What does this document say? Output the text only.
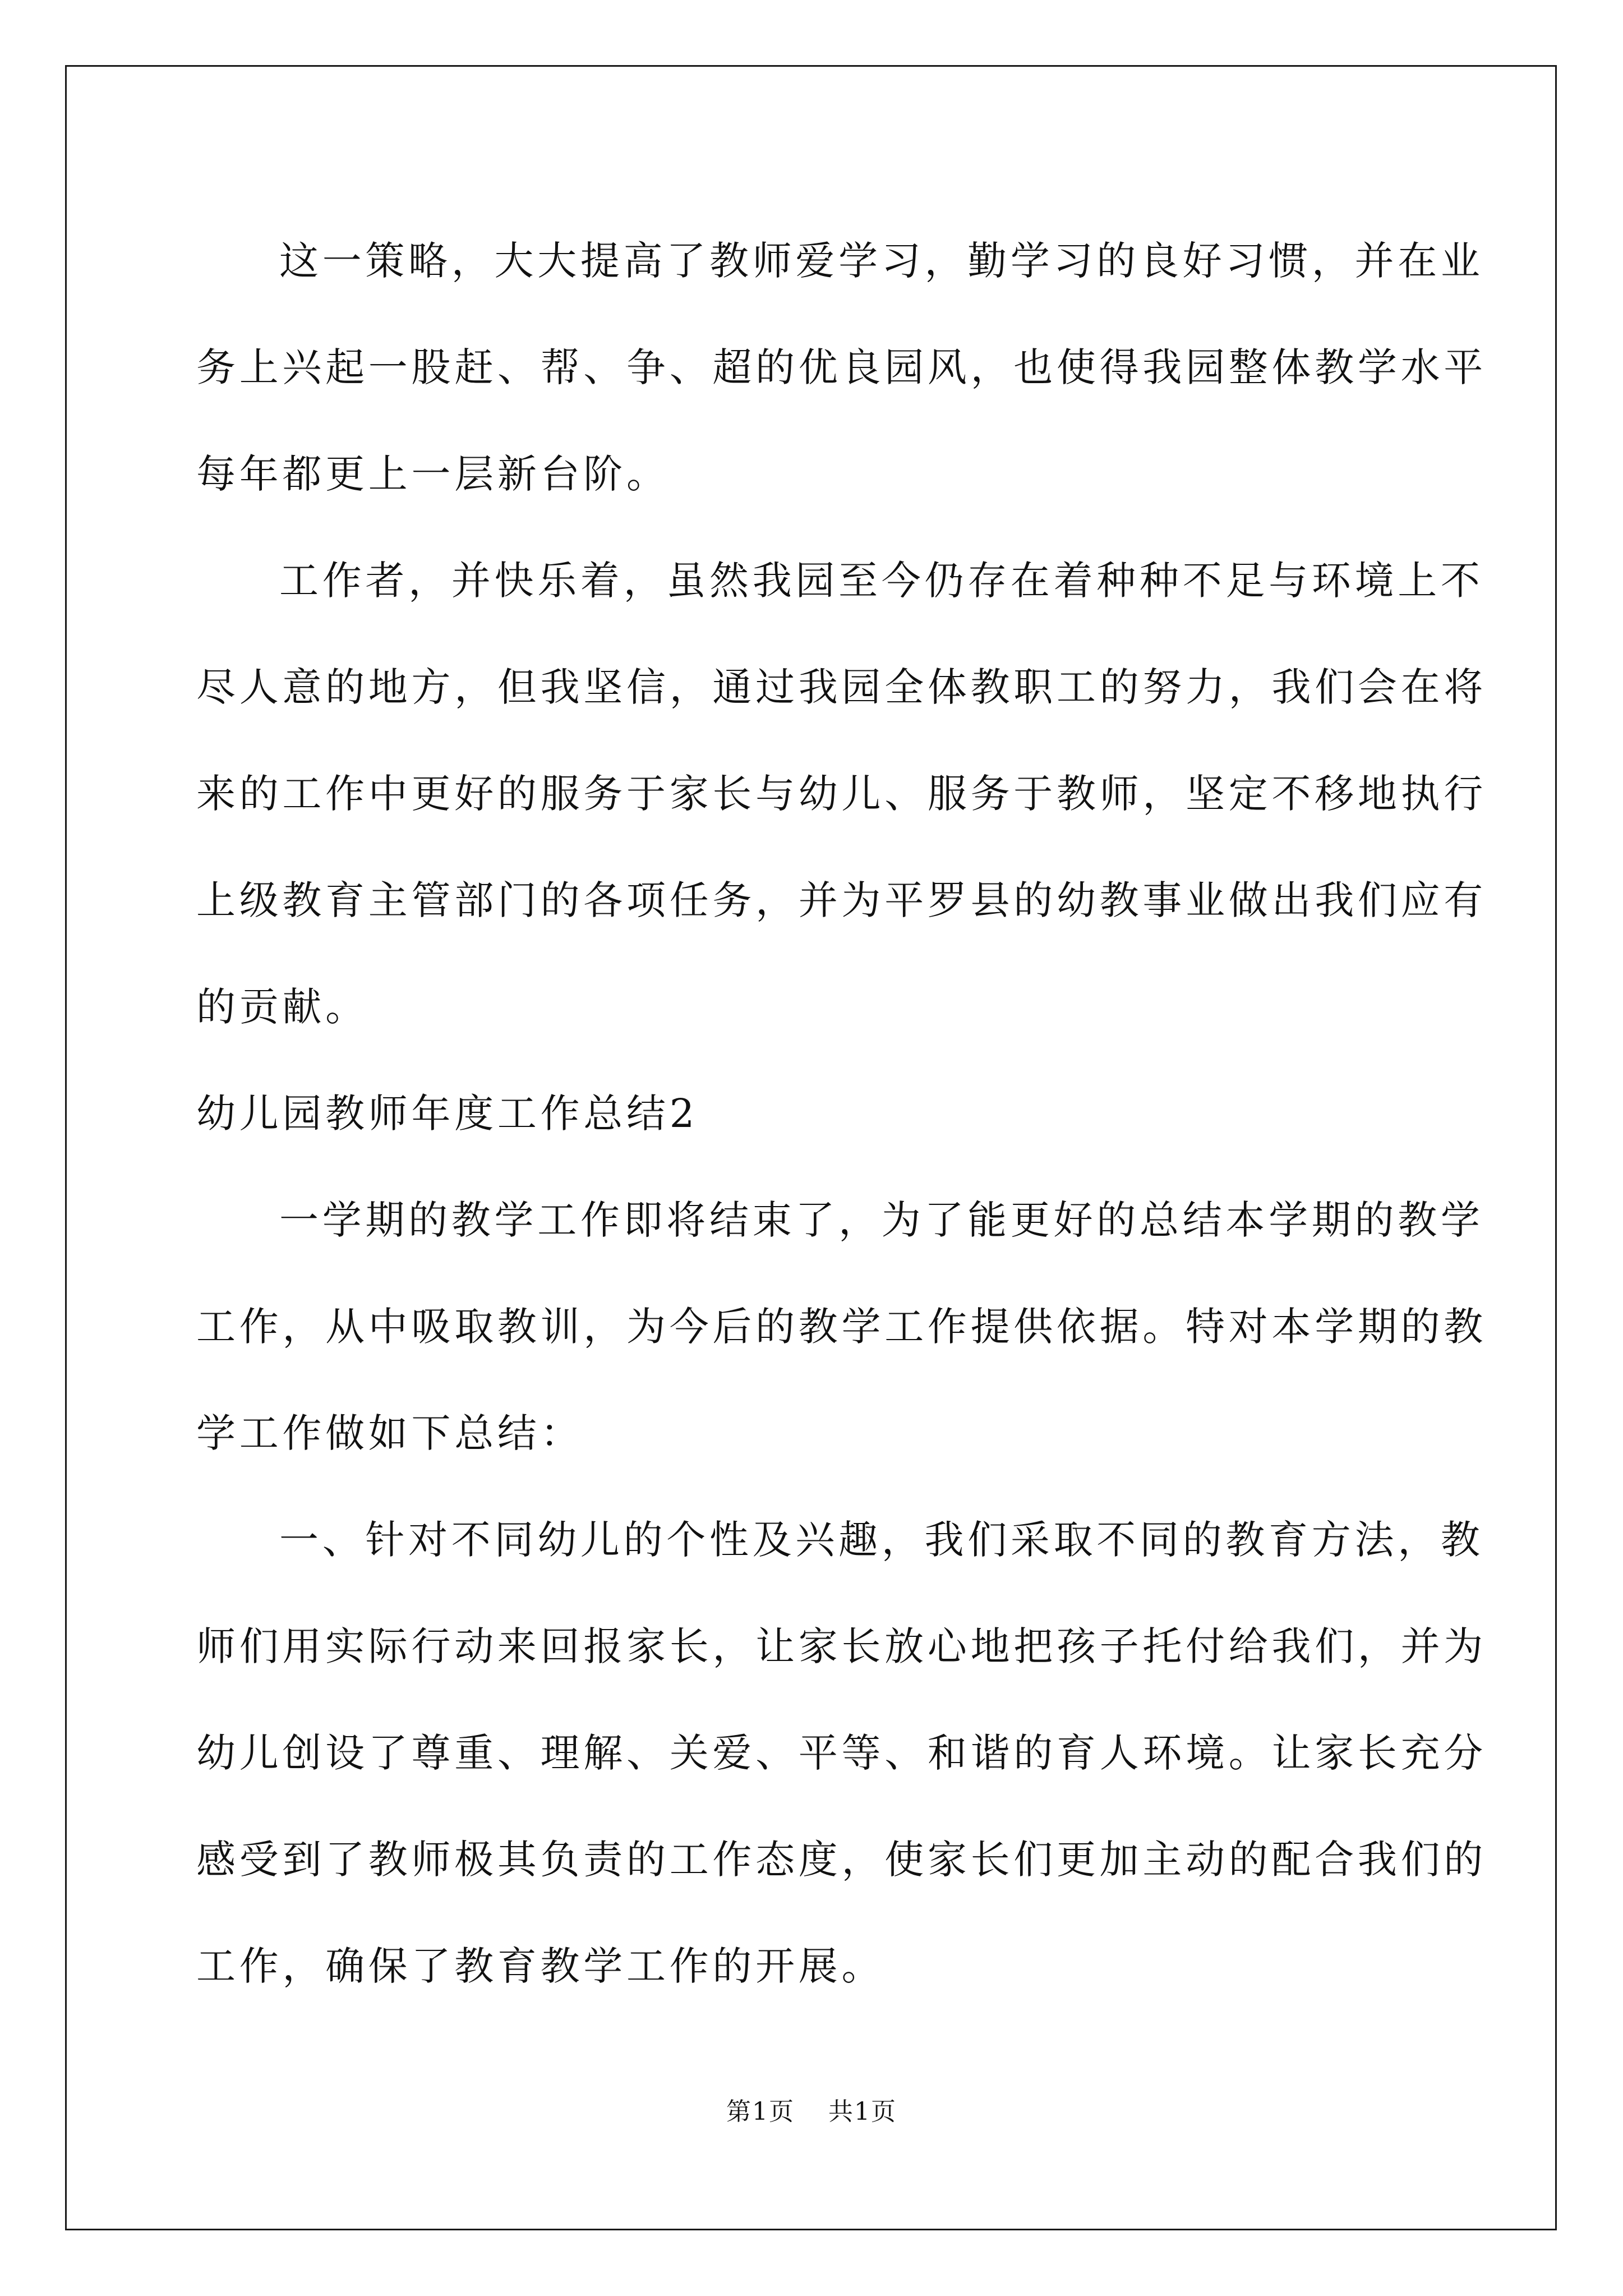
这一策略，大大提高了教师爱学习，勤学习的良好习惯，并在业
务上兴起一股赶、帮、争、超的优良园风，也使得我园整体教学水平
每年都更上一层新台阶。
工作者，并快乐着，虽然我园至今仍存在着种种不足与环境上不
尽人意的地方，但我坚信，通过我园全体教职工的努力，我们会在将
来的工作中更好的服务于家长与幼儿、服务于教师，坚定不移地执行
上级教育主管部门的各项任务，并为平罗县的幼教事业做出我们应有
的贡献。
幼儿园教师年度工作总结2
一学期的教学工作即将结束了，为了能更好的总结本学期的教学
工作，从中吸取教训，为今后的教学工作提供依据。特对本学期的教
学工作做如下总结：
一、针对不同幼儿的个性及兴趣，我们采取不同的教育方法，教
师们用实际行动来回报家长，让家长放心地把孩子托付给我们，并为
幼儿创设了尊重、理解、关爱、平等、和谐的育人环境。让家长充分
感受到了教师极其负责的工作态度，使家长们更加主动的配合我们的
工作，确保了教育教学工作的开展。
第1页 共1页
